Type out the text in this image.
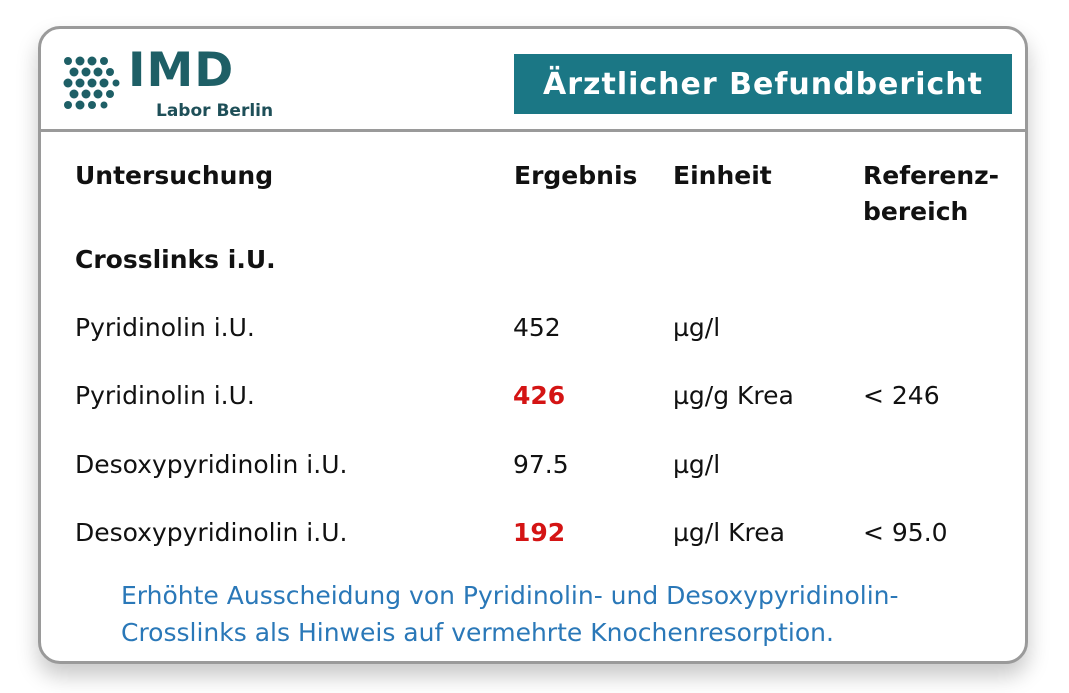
IMD
Labor Berlin
Ärztlicher Befundbericht
Untersuchung	Ergebnis Einheit	Referenz-
bereich
Crosslinks i.U.
Pyridinolin i.U.	452	µg/l
Pyridinolin i.U.	426	µg/g Krea	< 246
Desoxypyridinolin i.U.	97.5	µg/l
Desoxypyridinolin i.U.	192	µg/l Krea	< 95.0
Erhöhte Ausscheidung von Pyridinolin- und Desoxypyridinolin-
Crosslinks als Hinweis auf vermehrte Knochenresorption.
